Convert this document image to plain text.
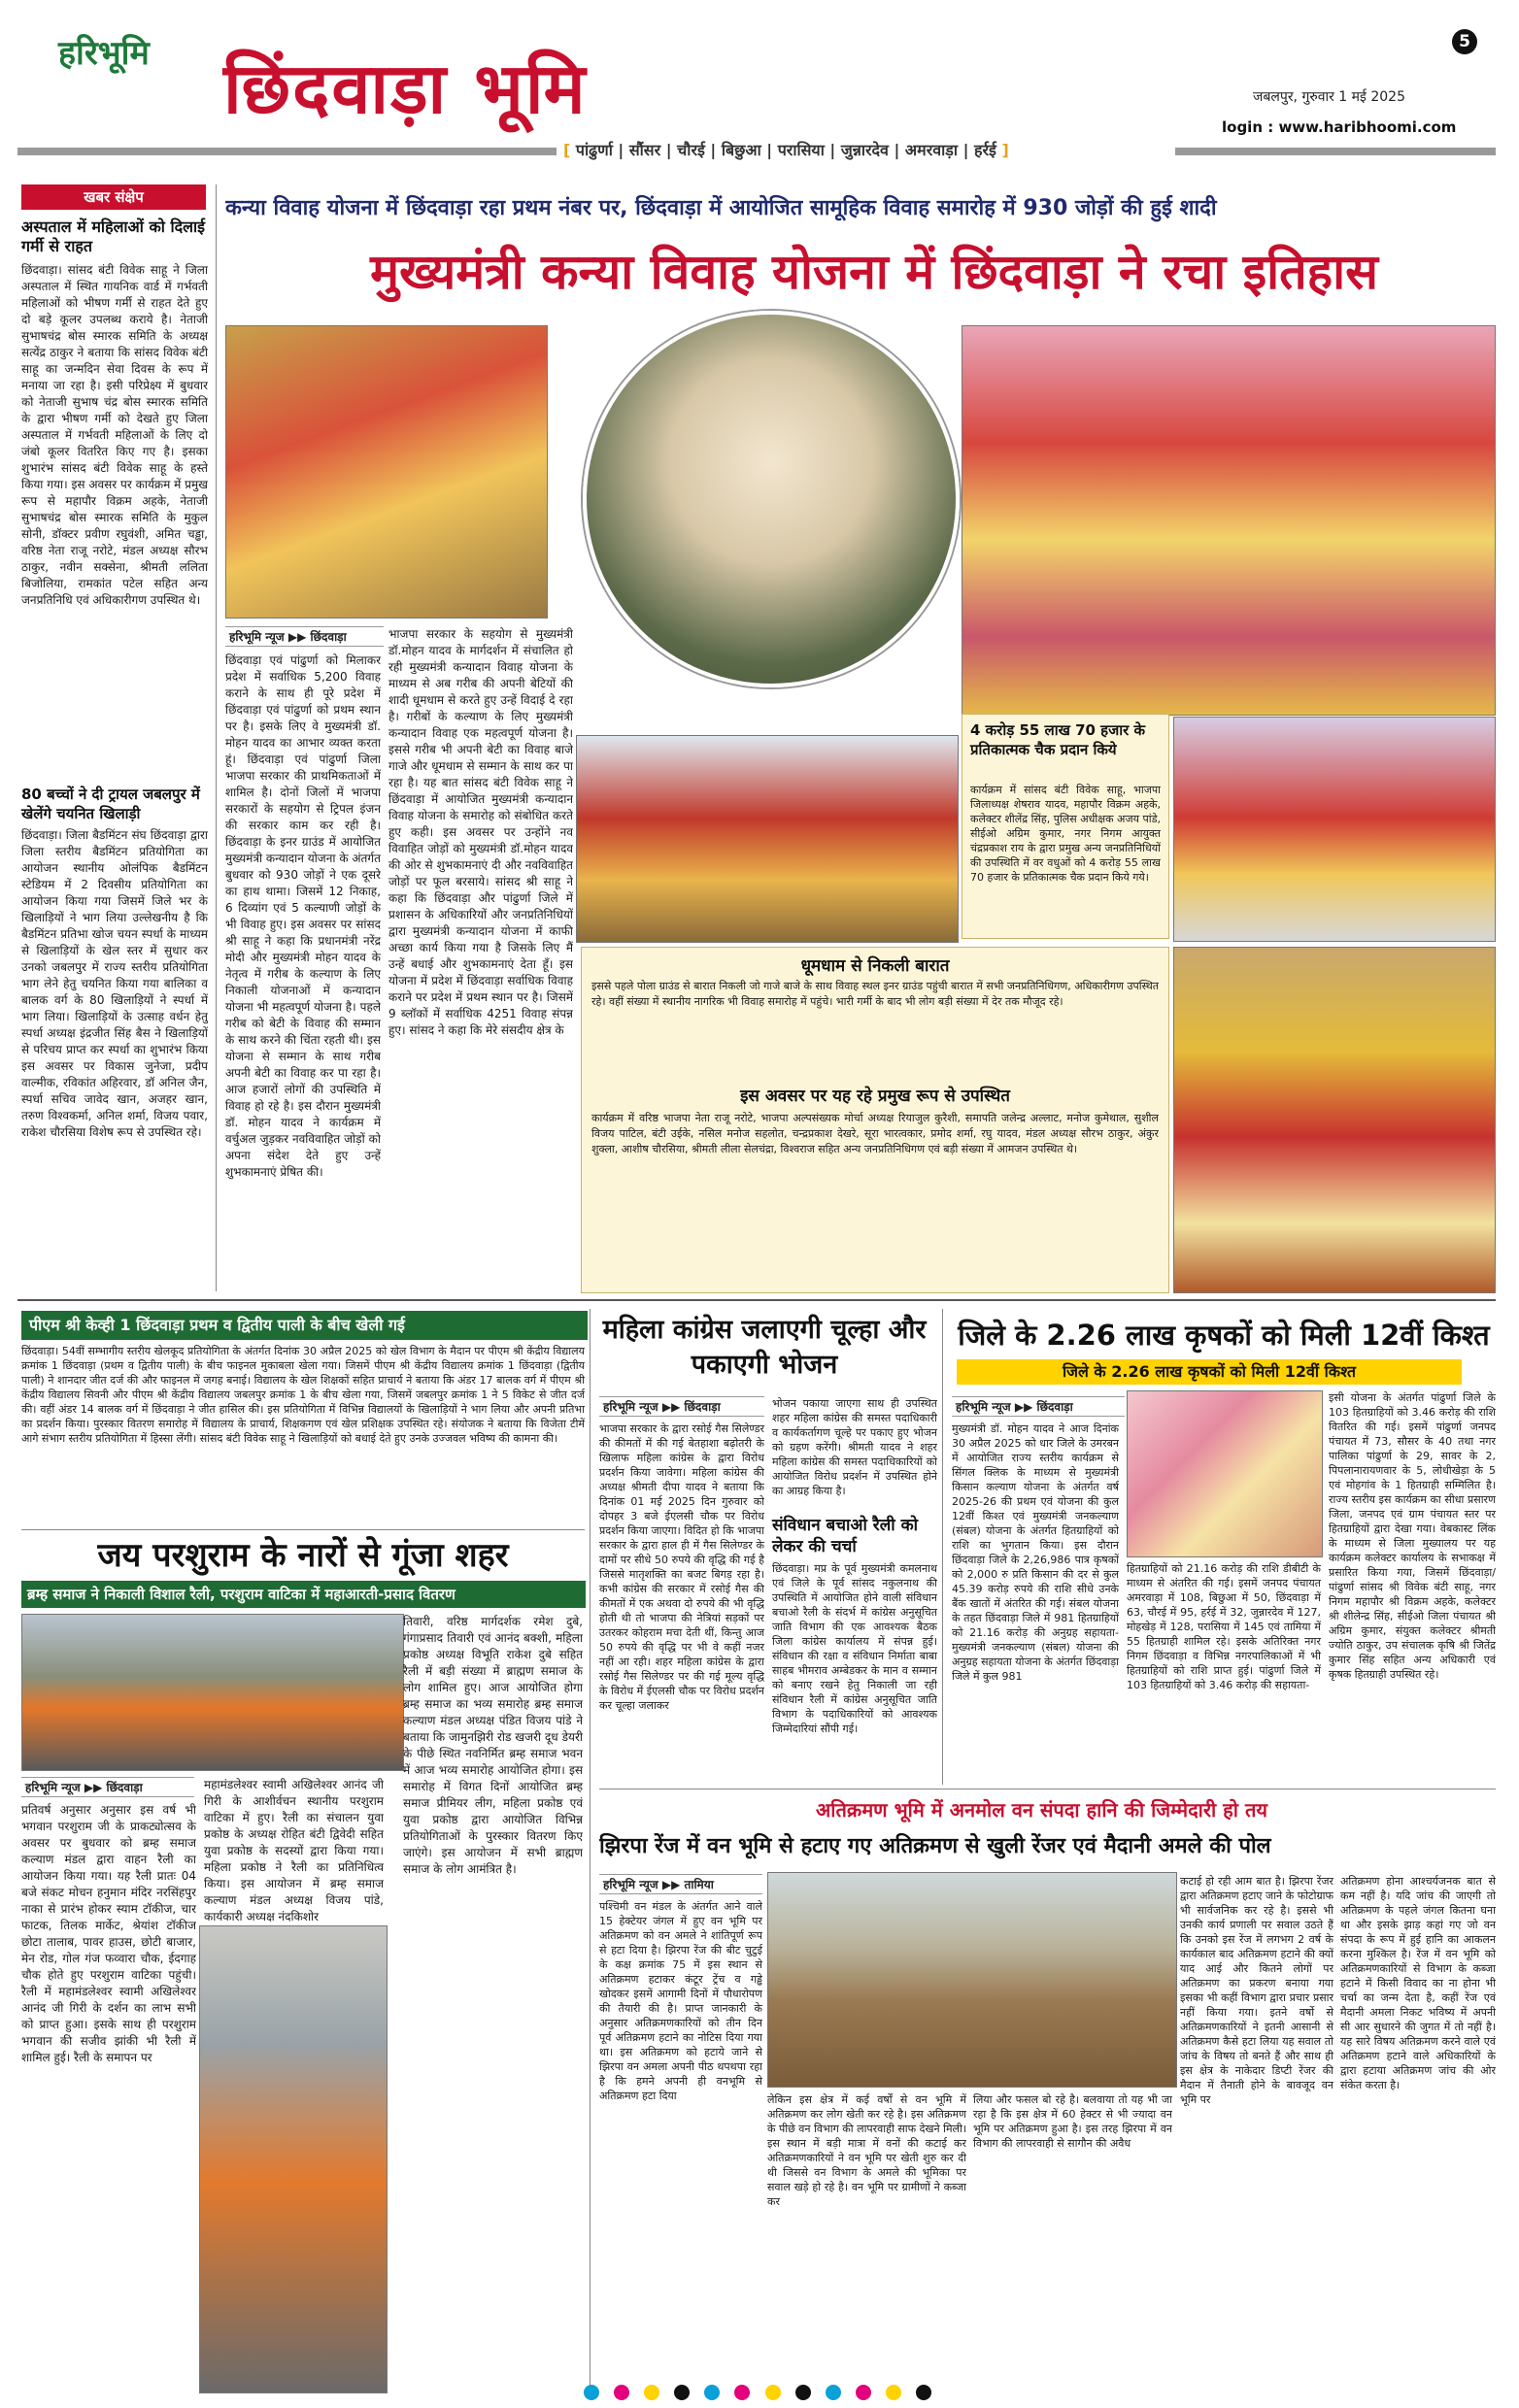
हरिभूमि छिंदवाड़ा भूमि
5
जबलपुर, गुरुवार 1 मई 2025
login : www.haribhoomi.com
[ पांढुर्णा | सौंसर | चौरई | बिछुआ | परासिया | जुन्नारदेव | अमरवाड़ा | हर्रई ]
खबर संक्षेप
अस्पताल में महिलाओं को दिलाई गर्मी से राहत
छिंदवाड़ा। सांसद बंटी विवेक साहू ने जिला अस्पताल में स्थित गायनिक वार्ड में गर्भवती महिलाओं को भीषण गर्मी से राहत देते हुए दो बड़े कूलर उपलब्ध कराये है। नेताजी सुभाषचंद्र बोस स्मारक समिति के अध्यक्ष सत्येंद्र ठाकुर ने बताया कि सांसद विवेक बंटी साहू का जन्मदिन सेवा दिवस के रूप में मनाया जा रहा है। इसी परिप्रेक्ष्य में बुधवार को नेताजी सुभाष चंद्र बोस स्मारक समिति के द्वारा भीषण गर्मी को देखते हुए जिला अस्पताल में गर्भवती महिलाओं के लिए दो जंबो कूलर वितरित किए गए है। इसका शुभारंभ सांसद बंटी विवेक साहू के हस्ते किया गया। इस अवसर पर कार्यक्रम में प्रमुख रूप से महापौर विक्रम अहके, नेताजी सुभाषचंद्र बोस स्मारक समिति के मुकुल सोनी, डॉक्टर प्रवीण रघुवंशी, अमित चड्ढा, वरिष्ठ नेता राजू नरोटे, मंडल अध्यक्ष सौरभ ठाकुर, नवीन सक्सेना, श्रीमती ललिता बिजोलिया, रामकांत पटेल सहित अन्य जनप्रतिनिधि एवं अधिकारीगण उपस्थित थे।
80 बच्चों ने दी ट्रायल जबलपुर में खेलेंगे चयनित खिलाड़ी
छिंदवाड़ा। जिला बैडमिंटन संघ छिंदवाड़ा द्वारा जिला स्तरीय बैडमिंटन प्रतियोगिता का आयोजन स्थानीय ओलंपिक बैडमिंटन स्टेडियम में 2 दिवसीय प्रतियोगिता का आयोजन किया गया जिसमें जिले भर के खिलाड़ियों ने भाग लिया उल्लेखनीय है कि बैडमिंटन प्रतिभा खोज चयन स्पर्धा के माध्यम से खिलाड़ियों के खेल स्तर में सुधार कर उनको जबलपुर में राज्य स्तरीय प्रतियोगिता भाग लेने हेतु चयनित किया गया बालिका व बालक वर्ग के 80 खिलाड़ियों ने स्पर्धा में भाग लिया। खिलाड़ियों के उत्साह वर्धन हेतु स्पर्धा अध्यक्ष इंद्रजीत सिंह बैस ने खिलाड़ियों से परिचय प्राप्त कर स्पर्धा का शुभारंभ किया इस अवसर पर विकास जुनेजा, प्रदीप वाल्मीक, रविकांत अहिरवार, डॉ अनिल जैन, स्पर्धा सचिव जावेद खान, अजहर खान, तरुण विश्वकर्मा, अनिल शर्मा, विजय पवार, राकेश चौरसिया विशेष रूप से उपस्थित रहे।
कन्या विवाह योजना में छिंदवाड़ा रहा प्रथम नंबर पर, छिंदवाड़ा में आयोजित सामूहिक विवाह समारोह में 930 जोड़ों की हुई शादी
मुख्यमंत्री कन्या विवाह योजना में छिंदवाड़ा ने रचा इतिहास
हरिभूमि न्यूज ▶▶ छिंदवाड़ा	भाजपा सरकार के सहयोग से मुख्यमंत्री डॉ.मोहन यादव के मार्गदर्शन में संचालित हो रही मुख्यमंत्री कन्यादान विवाह योजना के माध्यम से अब गरीब की अपनी बेटियों की शादी धूमधाम से करते हुए उन्हें विदाई दे रहा है। गरीबों के कल्याण के लिए मुख्यमंत्री कन्यादान विवाह एक महत्वपूर्ण योजना है। इससे गरीब भी अपनी बेटी का विवाह बाजे गाजे और धूमधाम से सम्मान के साथ कर पा रहा है। यह बात सांसद बंटी विवेक साहू ने छिंदवाड़ा में आयोजित मुख्यमंत्री कन्यादान विवाह योजना के समारोह को संबोधित करते हुए कही। इस अवसर पर उन्होंने नव विवाहित जोड़ों को मुख्यमंत्री डॉ.मोहन यादव की ओर से शुभकामनाएं दी और नवविवाहित जोड़ों पर फूल बरसाये। सांसद श्री साहू ने कहा कि छिंदवाड़ा और पांढुर्णा जिले में प्रशासन के अधिकारियों और जनप्रतिनिधियों द्वारा मुख्यमंत्री कन्यादान योजना में काफी अच्छा कार्य किया गया है जिसके लिए मैं उन्हें बधाई और शुभकामनाएं देता हूँ। इस योजना में प्रदेश में छिंदवाड़ा सर्वाधिक विवाह कराने पर प्रदेश में प्रथम स्थान पर है। जिसमें 9 ब्लॉकों में सर्वाधिक 4251 विवाह संपन्न हुए। सांसद ने कहा कि मेरे संसदीय क्षेत्र के
छिंदवाड़ा एवं पांढुर्णा को मिलाकर प्रदेश में सर्वाधिक 5,200 विवाह कराने के साथ ही पूरे प्रदेश में छिंदवाड़ा एवं पांढुर्णा को प्रथम स्थान पर है। इसके लिए वे मुख्यमंत्री डॉ. मोहन यादव का आभार व्यक्त करता हूं। छिंदवाड़ा एवं पांढुर्णा जिला भाजपा सरकार की प्राथमिकताओं में शामिल है। दोनों जिलों में भाजपा सरकारों के सहयोग से ट्रिपल इंजन की सरकार काम कर रही है। छिंदवाड़ा के इनर ग्राउंड में आयोजित मुख्यमंत्री कन्यादान योजना के अंतर्गत बुधवार को 930 जोड़ों ने एक दूसरे का हाथ थामा। जिसमें 12 निकाह, 6 दिव्यांग एवं 5 कल्याणी जोड़ों के भी विवाह हुए। इस अवसर पर सांसद श्री साहू ने कहा कि प्रधानमंत्री नरेंद्र मोदी और मुख्यमंत्री मोहन यादव के नेतृत्व में गरीब के कल्याण के लिए निकाली योजनाओं में कन्यादान योजना भी महत्वपूर्ण योजना है। पहले गरीब को बेटी के विवाह की सम्मान के साथ करने की चिंता रहती थी। इस योजना से सम्मान के साथ गरीब अपनी बेटी का विवाह कर पा रहा है। आज हजारों लोगों की उपस्थिति में विवाह हो रहे है। इस दौरान मुख्यमंत्री डॉ. मोहन यादव ने कार्यक्रम में वर्चुअल जुड़कर नवविवाहित जोड़ों को अपना संदेश देते हुए उन्हें शुभकामनाएं प्रेषित की।
4 करोड़ 55 लाख 70 हजार के प्रतिकात्मक चैक प्रदान किये
कार्यक्रम में सांसद बंटी विवेक साहू, भाजपा जिलाध्यक्ष शेषराव यादव, महापौर विक्रम अहके, कलेक्टर शीलेंद्र सिंह, पुलिस अधीक्षक अजय पांडे, सीईओ अग्रिम कुमार, नगर निगम आयुक्त चंद्रप्रकाश राय के द्वारा प्रमुख अन्य जनप्रतिनिधियों की उपस्थिति में वर वधुओं को 4 करोड़ 55 लाख 70 हजार के प्रतिकात्मक चैक प्रदान किये गये।
धूमधाम से निकली बारात
इससे पहले पोला ग्राउंड से बारात निकली जो गाजे बाजे के साथ विवाह स्थल इनर ग्राउंड पहुंची बारात में सभी जनप्रतिनिधिगण, अधिकारीगण उपस्थित रहे। वहीं संख्या में स्थानीय नागरिक भी विवाह समारोह में पहुंचे। भारी गर्मी के बाद भी लोग बड़ी संख्या में देर तक मौजूद रहे।
इस अवसर पर यह रहे प्रमुख रूप से उपस्थित
कार्यक्रम में वरिष्ठ भाजपा नेता राजू नरोटे, भाजपा अल्पसंख्यक मोर्चा अध्यक्ष रियाजुल कुरैशी, समापति जलेन्द्र अल्लाट, मनोज कुमेथाल, सुशील विजय पाटिल, बंटी उईके, नसिल मनोज सहलोत, चन्द्रप्रकाश देखरे, सूरा भारत्वकार, प्रमोद शर्मा, रघु यादव, मंडल अध्यक्ष सौरभ ठाकुर, अंकुर शुक्ला, आशीष चौरसिया, श्रीमती लीला सेलचंद्रा, विश्वराज सहित अन्य जनप्रतिनिधिगण एवं बड़ी संख्या में आमजन उपस्थित थे।
पीएम श्री केव्ही 1 छिंदवाड़ा प्रथम व द्वितीय पाली के बीच खेली गई
छिंदवाड़ा। 54वीं सम्भागीय स्तरीय खेलकूद प्रतियोगिता के अंतर्गत दिनांक 30 अप्रैल 2025 को खेल विभाग के मैदान पर पीएम श्री केंद्रीय विद्यालय क्रमांक 1 छिंदवाड़ा (प्रथम व द्वितीय पाली) के बीच फाइनल मुकाबला खेला गया। जिसमें पीएम श्री केंद्रीय विद्यालय क्रमांक 1 छिंदवाड़ा (द्वितीय पाली) ने शानदार जीत दर्ज की और फाइनल में जगह बनाई। विद्यालय के खेल शिक्षकों सहित प्राचार्य ने बताया कि अंडर 17 बालक वर्ग में पीएम श्री केंद्रीय विद्यालय सिवनी और पीएम श्री केंद्रीय विद्यालय जबलपुर क्रमांक 1 के बीच खेला गया, जिसमें जबलपुर क्रमांक 1 ने 5 विकेट से जीत दर्ज की। वहीं अंडर 14 बालक वर्ग में छिंदवाड़ा ने जीत हासिल की। इस प्रतियोगिता में विभिन्न विद्यालयों के खिलाड़ियों ने भाग लिया और अपनी प्रतिभा का प्रदर्शन किया। पुरस्कार वितरण समारोह में विद्यालय के प्राचार्य, शिक्षकगण एवं खेल प्रशिक्षक उपस्थित रहे। संयोजक ने बताया कि विजेता टीमें आगे संभाग स्तरीय प्रतियोगिता में हिस्सा लेंगी। सांसद बंटी विवेक साहू ने खिलाड़ियों को बधाई देते हुए उनके उज्जवल भविष्य की कामना की।
जय परशुराम के नारों से गूंजा शहर
ब्रम्ह समाज ने निकाली विशाल रैली, परशुराम वाटिका में महाआरती-प्रसाद वितरण
हरिभूमि न्यूज ▶▶ छिंदवाड़ा
प्रतिवर्ष अनुसार अनुसार इस वर्ष भी भगवान परशुराम जी के प्राकट्योत्सव के अवसर पर बुधवार को ब्रम्ह समाज कल्याण मंडल द्वारा वाहन रैली का आयोजन किया गया। यह रैली प्रातः 04 बजे संकट मोचन हनुमान मंदिर नरसिंहपुर नाका से प्रारंभ होकर स्याम टॉकीज, चार फाटक, तिलक मार्केट, श्रेयांश टॉकीज छोटा तालाब, पावर हाउस, छोटी बाजार, मेन रोड, गोल गंज फव्वारा चौक, ईदगाह चौक होते हुए परशुराम वाटिका पहुंची। रैली में महामंडलेश्वर स्वामी अखिलेश्वर आनंद जी गिरी के दर्शन का लाभ सभी को प्राप्त हुआ। इसके साथ ही परशुराम भगवान की सजीव झांकी भी रैली में शामिल हुई। रैली के समापन पर
महामंडलेश्वर स्वामी अखिलेश्वर आनंद जी गिरी के आशीर्वचन स्थानीय परशुराम वाटिका में हुए। रैली का संचालन युवा प्रकोष्ठ के अध्यक्ष रोहित बंटी द्विवेदी सहित युवा प्रकोष्ठ के सदस्यों द्वारा किया गया। महिला प्रकोष्ठ ने रैली का प्रतिनिधित्व किया। इस आयोजन में ब्रम्ह समाज कल्याण मंडल अध्यक्ष विजय पांडे, कार्यकारी अध्यक्ष नंदकिशोर
तिवारी, वरिष्ठ मार्गदर्शक रमेश दुबे, गंगाप्रसाद तिवारी एवं आनंद बक्शी, महिला प्रकोष्ठ अध्यक्ष विभूति राकेश दुबे सहित रैली में बड़ी संख्या में ब्राह्मण समाज के लोग शामिल हुए। आज आयोजित होगा ब्रम्ह समाज का भव्य समारोह ब्रम्ह समाज कल्याण मंडल अध्यक्ष पंडित विजय पांडे ने बताया कि जामुनझिरी रोड खजरी दूध डेयरी के पीछे स्थित नवनिर्मित ब्रम्ह समाज भवन में आज भव्य समारोह आयोजित होगा। इस समारोह में विगत दिनों आयोजित ब्रम्ह समाज प्रीमियर लीग, महिला प्रकोष्ठ एवं युवा प्रकोष्ठ द्वारा आयोजित विभिन्न प्रतियोगिताओं के पुरस्कार वितरण किए जाएंगे। इस आयोजन में सभी ब्राह्मण समाज के लोग आमंत्रित है।
महिला कांग्रेस जलाएगी चूल्हा और पकाएगी भोजन
हरिभूमि न्यूज ▶▶ छिंदवाड़ा
भाजपा सरकार के द्वारा रसोई गैस सिलेण्डर की कीमतों में की गई बेतहाशा बढ़ोतरी के खिलाफ महिला कांग्रेस के द्वारा विरोध प्रदर्शन किया जावेगा। महिला कांग्रेस की अध्यक्ष श्रीमती दीपा यादव ने बताया कि दिनांक 01 मई 2025 दिन गुरुवार को दोपहर 3 बजे ईएलसी चौक पर विरोध प्रदर्शन किया जाएगा। विदित हो कि भाजपा सरकार के द्वारा हाल ही में गैस सिलेण्डर के दामों पर सीधे 50 रुपये की वृद्धि की गई है जिससे मातृशक्ति का बजट बिगड़ रहा है। कभी कांग्रेस की सरकार में रसोई गैस की कीमतों में एक अथवा दो रुपये की भी वृद्धि होती थी तो भाजपा की नेत्रियां सड़कों पर उतरकर कोहराम मचा देती थीं, किन्तु आज 50 रुपये की वृद्धि पर भी वे कहीं नजर नहीं आ रही। शहर महिला कांग्रेस के द्वारा रसोई गैस सिलेण्डर पर की गई मूल्य वृद्धि के विरोध में ईएलसी चौक पर विरोध प्रदर्शन कर चूल्हा जलाकर
भोजन पकाया जाएगा साथ ही उपस्थित शहर महिला कांग्रेस की समस्त पदाधिकारी व कार्यकर्तागण चूल्हे पर पकाए हुए भोजन को ग्रहण करेंगी। श्रीमती यादव ने शहर महिला कांग्रेस की समस्त पदाधिकारियों को आयोजित विरोध प्रदर्शन में उपस्थित होने का आग्रह किया है।
संविधान बचाओ रैली को लेकर की चर्चा
छिंदवाड़ा। मप्र के पूर्व मुख्यमंत्री कमलनाथ एवं जिले के पूर्व सांसद नकुलनाथ की उपस्थिति में आयोजित होने वाली संविधान बचाओ रैली के संदर्भ में कांग्रेस अनुसूचित जाति विभाग की एक आवश्यक बैठक जिला कांग्रेस कार्यालय में संपन्न हुई। संविधान की रक्षा व संविधान निर्माता बाबा साहब भीमराव अम्बेडकर के मान व सम्मान को बनाए रखने हेतु निकाली जा रही संविधान रैली में कांग्रेस अनुसूचित जाति विभाग के पदाधिकारियों को आवश्यक जिम्मेदारियां सौंपी गई।
जिले के 2.26 लाख कृषकों को मिली 12वीं किश्त
जिले के 2.26 लाख कृषकों को मिली 12वीं किश्त
हरिभूमि न्यूज ▶▶ छिंदवाड़ा
मुख्यमंत्री डॉ. मोहन यादव ने आज दिनांक 30 अप्रैल 2025 को धार जिले के उमरबन में आयोजित राज्य स्तरीय कार्यक्रम से सिंगल क्लिक के माध्यम से मुख्यमंत्री किसान कल्याण योजना के अंतर्गत वर्ष 2025-26 की प्रथम एवं योजना की कुल 12वीं किश्त एवं मुख्यमंत्री जनकल्याण (संबल) योजना के अंतर्गत हितग्राहियों को राशि का भुगतान किया। इस दौरान छिंदवाड़ा जिले के 2,26,986 पात्र कृषकों को 2,000 रु प्रति किसान की दर से कुल 45.39 करोड़ रुपये की राशि सीधे उनके बैंक खातों में अंतरित की गई। संबल योजना के तहत छिंदवाड़ा जिले में 981 हितग्राहियों को 21.16 करोड़ की अनुग्रह सहायता- मुख्यमंत्री जनकल्याण (संबल) योजना की अनुग्रह सहायता योजना के अंतर्गत छिंदवाड़ा जिले में कुल 981
हितग्राहियों को 21.16 करोड़ की राशि डीबीटी के माध्यम से अंतरित की गई। इसमें जनपद पंचायत अमरवाड़ा में 108, बिछुआ में 50, छिंदवाड़ा में 63, चौरई में 95, हर्रई में 32, जुन्नारदेव में 127, मोहखेड़ में 128, परासिया में 145 एवं तामिया में 55 हितग्राही शामिल रहे। इसके अतिरिक्त नगर निगम छिंदवाड़ा व विभिन्न नगरपालिकाओं में भी हितग्राहियों को राशि प्राप्त हुई। पांढुर्णा जिले में 103 हितग्राहियों को 3.46 करोड़ की सहायता-
इसी योजना के अंतर्गत पांढुर्णा जिले के 103 हितग्राहियों को 3.46 करोड़ की राशि वितरित की गई। इसमें पांढुर्णा जनपद पंचायत में 73, सौसर के 40 तथा नगर पालिका पांढुर्णा के 29, सावर के 2, पिपलानारायणवार के 5, लोधीखेड़ा के 5 एवं मोहगांव के 1 हितग्राही सम्मिलित है। राज्य स्तरीय इस कार्यक्रम का सीधा प्रसारण जिला, जनपद एवं ग्राम पंचायत स्तर पर हितग्राहियों द्वारा देखा गया। वेबकास्ट लिंक के माध्यम से जिला मुख्यालय पर यह कार्यक्रम कलेक्टर कार्यालय के सभाकक्ष में प्रसारित किया गया, जिसमें छिंदवाड़ा/पांढुर्णा सांसद श्री विवेक बंटी साहू, नगर निगम महापौर श्री विक्रम अहके, कलेक्टर श्री शीलेन्द्र सिंह, सीईओ जिला पंचायत श्री अग्रिम कुमार, संयुक्त कलेक्टर श्रीमती ज्योति ठाकुर, उप संचालक कृषि श्री जितेंद्र कुमार सिंह सहित अन्य अधिकारी एवं कृषक हितग्राही उपस्थित रहे।
अतिक्रमण भूमि में अनमोल वन संपदा हानि की जिम्मेदारी हो तय
झिरपा रेंज में वन भूमि से हटाए गए अतिक्रमण से खुली रेंजर एवं मैदानी अमले की पोल
हरिभूमि न्यूज ▶▶ तामिया
पश्चिमी वन मंडल के अंतर्गत आने वाले 15 हेक्टेयर जंगल में हुए वन भूमि पर अतिक्रमण को वन अमले ने शांतिपूर्ण रूप से हटा दिया है। झिरपा रेंज की बीट चुटुई के कक्ष क्रमांक 75 में इस स्थान से अतिक्रमण हटाकर कंटूर ट्रेंच व गड्ढे खोदकर इसमें आगामी दिनों में पौधारोपण की तैयारी की है। प्राप्त जानकारी के अनुसार अतिक्रमणकारियों को तीन दिन पूर्व अतिक्रमण हटाने का नोटिस दिया गया था। इस अतिक्रमण को हटाये जाने से झिरपा वन अमला अपनी पीठ थपथपा रहा है कि हमने अपनी ही वनभूमि से अतिक्रमण हटा दिया	लेकिन इस क्षेत्र में कई वर्षों से वन भूमि में अतिक्रमण कर लोग खेती कर रहे है। इस अतिक्रमण के पीछे वन विभाग की लापरवाही साफ देखने मिली। इस स्थान में बड़ी मात्रा में वनों की कटाई कर अतिक्रमणकारियों ने वन भूमि पर खेती शुरु कर दी थी जिससे वन विभाग के अमले की भूमिका पर सवाल खड़े हो रहे है। वन भूमि पर ग्रामीणों ने कब्जा कर
लिया और फसल बो रहे है। बलवाया तो यह भी जा रहा है कि इस क्षेत्र में 60 हेक्टर से भी ज्यादा वन भूमि पर अतिक्रमण हुआ है। इस तरह झिरपा में वन विभाग की लापरवाही से सागौन की अवैध
कटाई हो रही आम बात है। झिरपा रेंजर द्वारा अतिक्रमण हटाए जाने के फोटोग्राफ भी सार्वजनिक कर रहे है। इससे भी उनकी कार्य प्रणाली पर सवाल उठते हैं कि उनको इस रेंज में लगभग 2 वर्ष के कार्यकाल बाद अतिक्रमण हटाने की क्यों याद आई और कितने लोगों पर अतिक्रमण का प्रकरण बनाया गया इसका भी कहीं विभाग द्वारा प्रचार प्रसार नहीं किया गया। इतने वर्षो से अतिक्रमणकारियों ने इतनी आसानी से अतिक्रमण कैसे हटा लिया यह सवाल तो जांच के विषय तो बनते हैं और साथ ही इस क्षेत्र के नाकेदार डिप्टी रेंजर की मैदान में तैनाती होने के बावजूद वन भूमि पर
अतिक्रमण होना आश्चर्यजनक बात से कम नहीं है। यदि जांच की जाएगी तो अतिक्रमण के पहले जंगल कितना घना था और इसके झाड़ कहां गए जो वन संपदा के रूप में हुई हानि का आकलन करना मुश्किल है। रेंज में वन भूमि को अतिक्रमणकारियों से विभाग के कब्जा हटाने में किसी विवाद का ना होना भी चर्चा का जन्म देता है, कहीं रेंज एवं मैदानी अमला निकट भविष्य में अपनी सी आर सुधारने की जुगत में तो नहीं है। यह सारे विषय अतिक्रमण करने वाले एवं अतिक्रमण हटाने वाले अधिकारियों के द्वारा हटाया अतिक्रमण जांच की ओर संकेत करता है।
